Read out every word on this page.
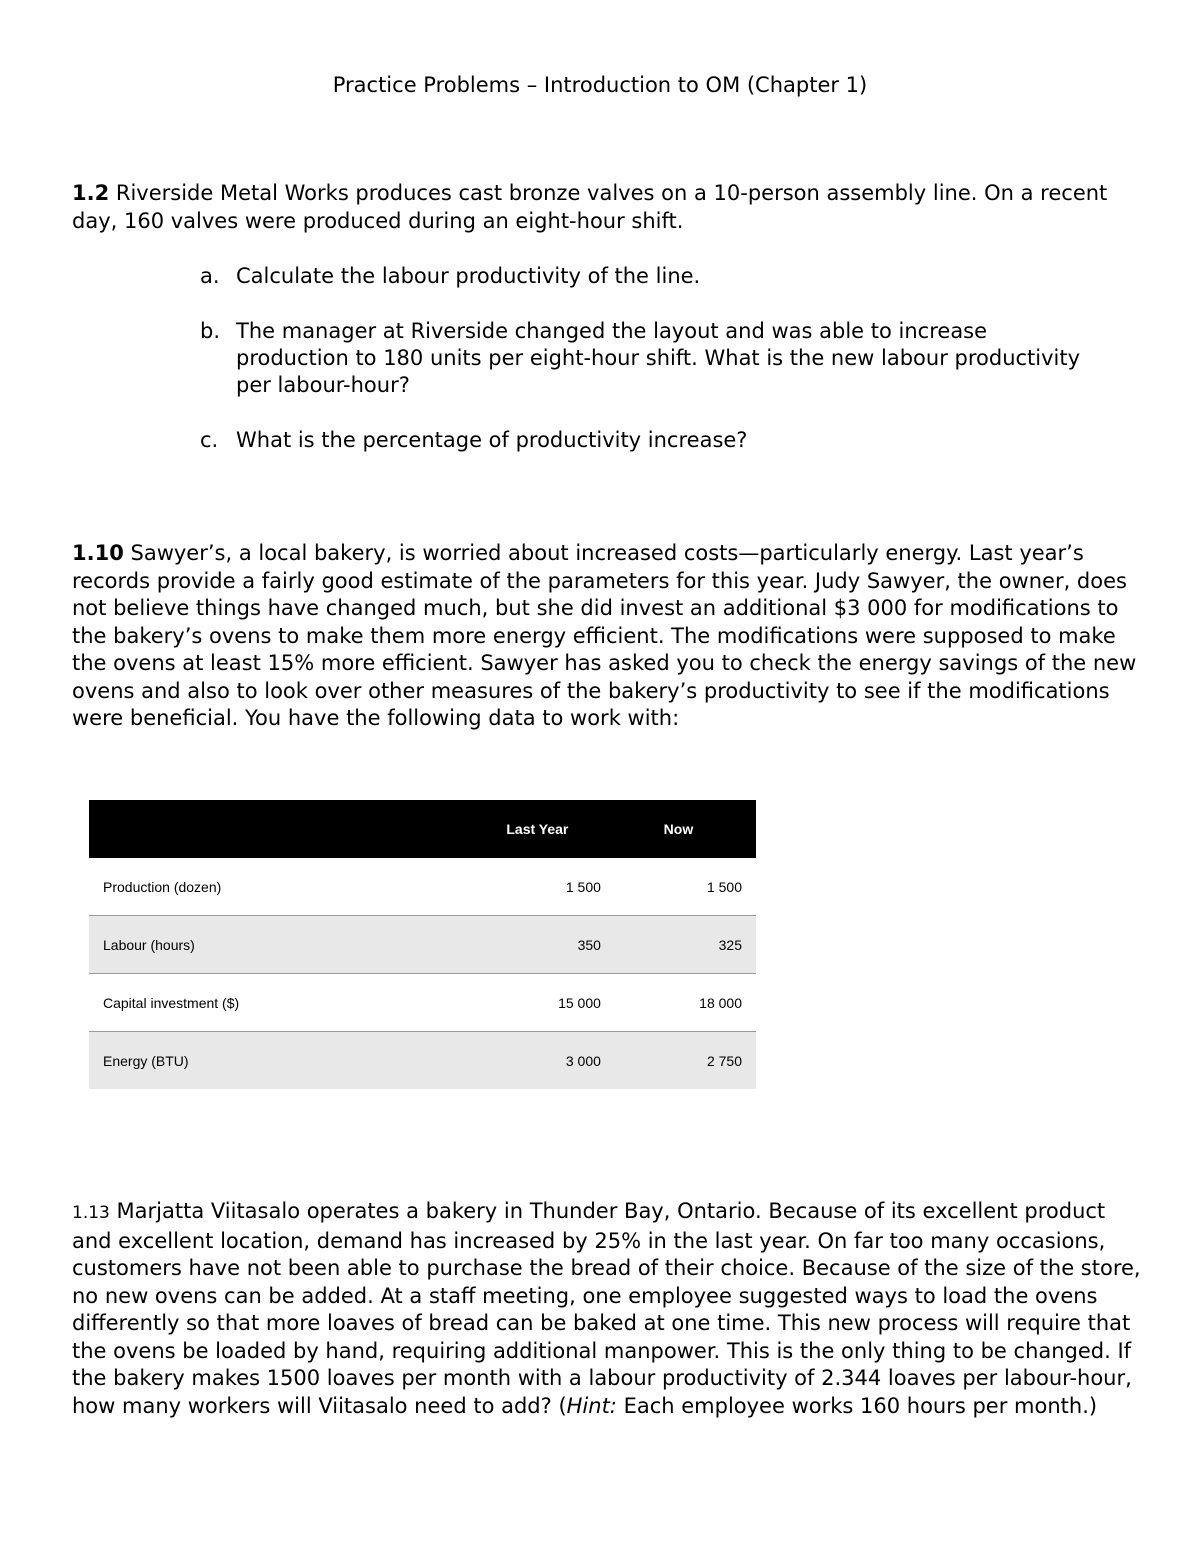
Practice Problems – Introduction to OM (Chapter 1)

1.2 Riverside Metal Works produces cast bronze valves on a 10-person assembly line. On a recent day, 160 valves were produced during an eight-hour shift.

a. Calculate the labour productivity of the line.
b. The manager at Riverside changed the layout and was able to increase production to 180 units per eight-hour shift. What is the new labour productivity per labour-hour?
c. What is the percentage of productivity increase?

1.10 Sawyer’s, a local bakery, is worried about increased costs—particularly energy. Last year’s records provide a fairly good estimate of the parameters for this year. Judy Sawyer, the owner, does not believe things have changed much, but she did invest an additional $3 000 for modifications to the bakery’s ovens to make them more energy efficient. The modifications were supposed to make the ovens at least 15% more efficient. Sawyer has asked you to check the energy savings of the new ovens and also to look over other measures of the bakery’s productivity to see if the modifications were beneficial. You have the following data to work with:

	Last Year	Now
Production (dozen)	1 500	1 500
Labour (hours)	350	325
Capital investment ($)	15 000	18 000
Energy (BTU)	3 000	2 750

1.13 Marjatta Viitasalo operates a bakery in Thunder Bay, Ontario. Because of its excellent product and excellent location, demand has increased by 25% in the last year. On far too many occasions, customers have not been able to purchase the bread of their choice. Because of the size of the store, no new ovens can be added. At a staff meeting, one employee suggested ways to load the ovens differently so that more loaves of bread can be baked at one time. This new process will require that the ovens be loaded by hand, requiring additional manpower. This is the only thing to be changed. If the bakery makes 1500 loaves per month with a labour productivity of 2.344 loaves per labour-hour, how many workers will Viitasalo need to add? (Hint: Each employee works 160 hours per month.)
